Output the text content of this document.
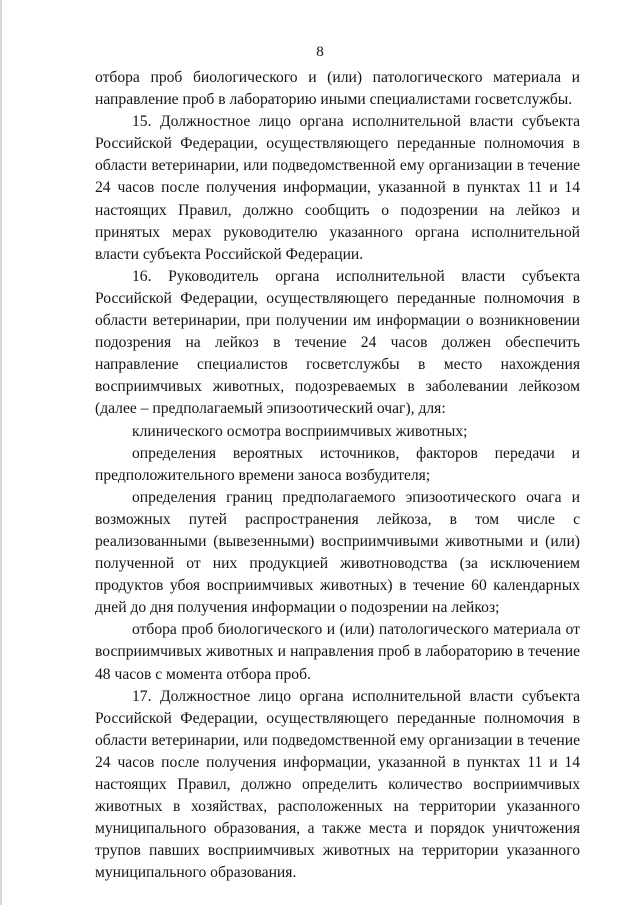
8

отбора проб биологического и (или) патологического материала и направление проб в лабораторию иными специалистами госветслужбы.

15. Должностное лицо органа исполнительной власти субъекта Российской Федерации, осуществляющего переданные полномочия в области ветеринарии, или подведомственной ему организации в течение 24 часов после получения информации, указанной в пунктах 11 и 14 настоящих Правил, должно сообщить о подозрении на лейкоз и принятых мерах руководителю указанного органа исполнительной власти субъекта Российской Федерации.

16. Руководитель органа исполнительной власти субъекта Российской Федерации, осуществляющего переданные полномочия в области ветеринарии, при получении им информации о возникновении подозрения на лейкоз в течение 24 часов должен обеспечить направление специалистов госветслужбы в место нахождения восприимчивых животных, подозреваемых в заболевании лейкозом (далее – предполагаемый эпизоотический очаг), для:

клинического осмотра восприимчивых животных;

определения вероятных источников, факторов передачи и предположительного времени заноса возбудителя;

определения границ предполагаемого эпизоотического очага и возможных путей распространения лейкоза, в том числе с реализованными (вывезенными) восприимчивыми животными и (или) полученной от них продукцией животноводства (за исключением продуктов убоя восприимчивых животных) в течение 60 календарных дней до дня получения информации о подозрении на лейкоз;

отбора проб биологического и (или) патологического материала от восприимчивых животных и направления проб в лабораторию в течение 48 часов с момента отбора проб.

17. Должностное лицо органа исполнительной власти субъекта Российской Федерации, осуществляющего переданные полномочия в области ветеринарии, или подведомственной ему организации в течение 24 часов после получения информации, указанной в пунктах 11 и 14 настоящих Правил, должно определить количество восприимчивых животных в хозяйствах, расположенных на территории указанного муниципального образования, а также места и порядок уничтожения трупов павших восприимчивых животных на территории указанного муниципального образования.
